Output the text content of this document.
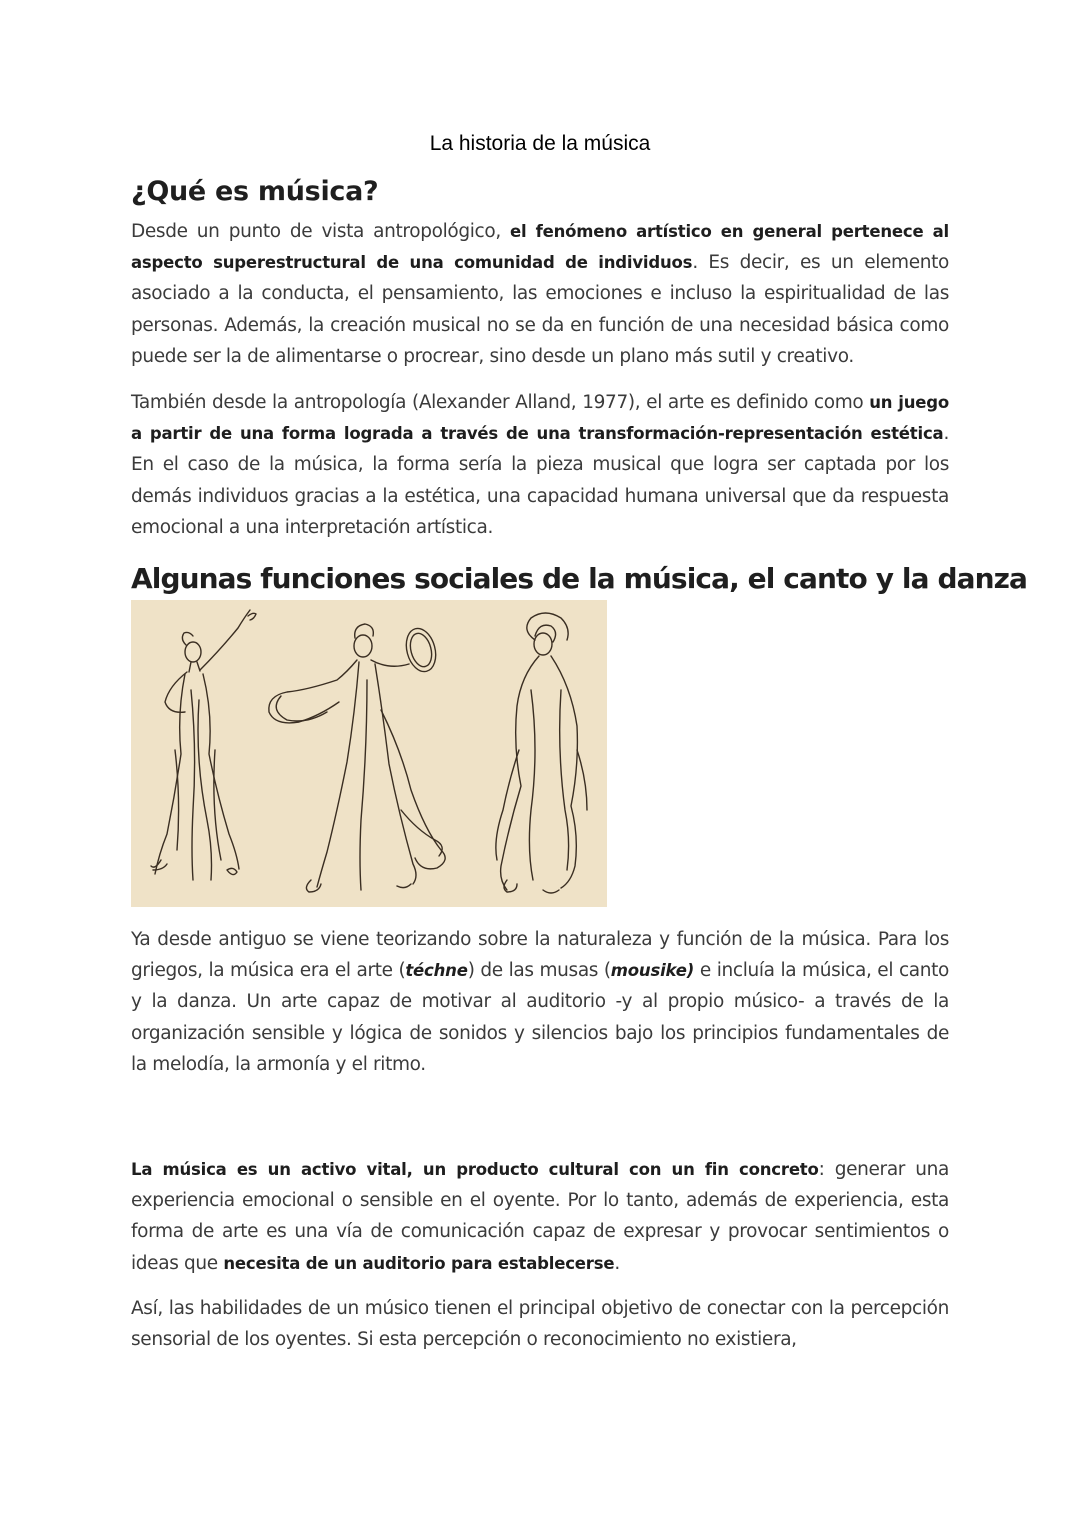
La historia de la música
¿Qué es música?

Desde un punto de vista antropológico, el fenómeno artístico en general pertenece al aspecto superestructural de una comunidad de individuos. Es decir, es un elemento asociado a la conducta, el pensamiento, las emociones e incluso la espiritualidad de las personas. Además, la creación musical no se da en función de una necesidad básica como puede ser la de alimentarse o procrear, sino desde un plano más sutil y creativo.

También desde la antropología (Alexander Alland, 1977), el arte es definido como un juego a partir de una forma lograda a través de una transformación-representación estética. En el caso de la música, la forma sería la pieza musical que logra ser captada por los demás individuos gracias a la estética, una capacidad humana universal que da respuesta emocional a una interpretación artística.

Algunas funciones sociales de la música, el canto y la danza

Ya desde antiguo se viene teorizando sobre la naturaleza y función de la música. Para los griegos, la música era el arte (téchne) de las musas (mousike) e incluía la música, el canto y la danza. Un arte capaz de motivar al auditorio -y al propio músico- a través de la organización sensible y lógica de sonidos y silencios bajo los principios fundamentales de la melodía, la armonía y el ritmo.

La música es un activo vital, un producto cultural con un fin concreto: generar una experiencia emocional o sensible en el oyente. Por lo tanto, además de experiencia, esta forma de arte es una vía de comunicación capaz de expresar y provocar sentimientos o ideas que necesita de un auditorio para establecerse.

Así, las habilidades de un músico tienen el principal objetivo de conectar con la percepción sensorial de los oyentes. Si esta percepción o reconocimiento no existiera,
